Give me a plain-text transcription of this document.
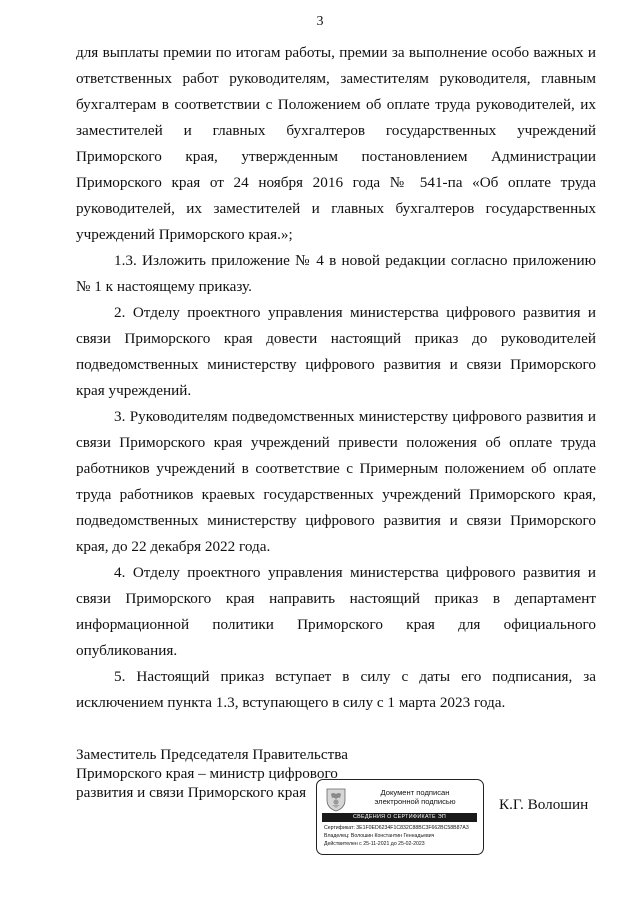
3

для выплаты премии по итогам работы, премии за выполнение особо важных и ответственных работ руководителям, заместителям руководителя, главным бухгалтерам в соответствии с Положением об оплате труда руководителей, их заместителей и главных бухгалтеров государственных учреждений Приморского края, утвержденным постановлением Администрации Приморского края от 24 ноября 2016 года № 541-па «Об оплате труда руководителей, их заместителей и главных бухгалтеров государственных учреждений Приморского края.»;

1.3. Изложить приложение № 4 в новой редакции согласно приложению № 1 к настоящему приказу.

2. Отделу проектного управления министерства цифрового развития и связи Приморского края довести настоящий приказ до руководителей подведомственных министерству цифрового развития и связи Приморского края учреждений.

3. Руководителям подведомственных министерству цифрового развития и связи Приморского края учреждений привести положения об оплате труда работников учреждений в соответствие с Примерным положением об оплате труда работников краевых государственных учреждений Приморского края, подведомственных министерству цифрового развития и связи Приморского края, до 22 декабря 2022 года.

4. Отделу проектного управления министерства цифрового развития и связи Приморского края направить настоящий приказ в департамент информационной политики Приморского края для официального опубликования.

5. Настоящий приказ вступает в силу с даты его подписания, за исключением пункта 1.3, вступающего в силу с 1 марта 2023 года.

Заместитель Председателя Правительства
Приморского края – министр цифрового
развития и связи Приморского края	Документ подписан
электронной подписью
СВЕДЕНИЯ О СЕРТИФИКАТЕ ЭП
Сертификат: 3E1F0ED6234F1C832C88BC3F662BC58B87A3
Владелец: Волошин Константин Геннадьевич
Действителен с 25-11-2021 до 25-02-2023
К.Г. Волошин
